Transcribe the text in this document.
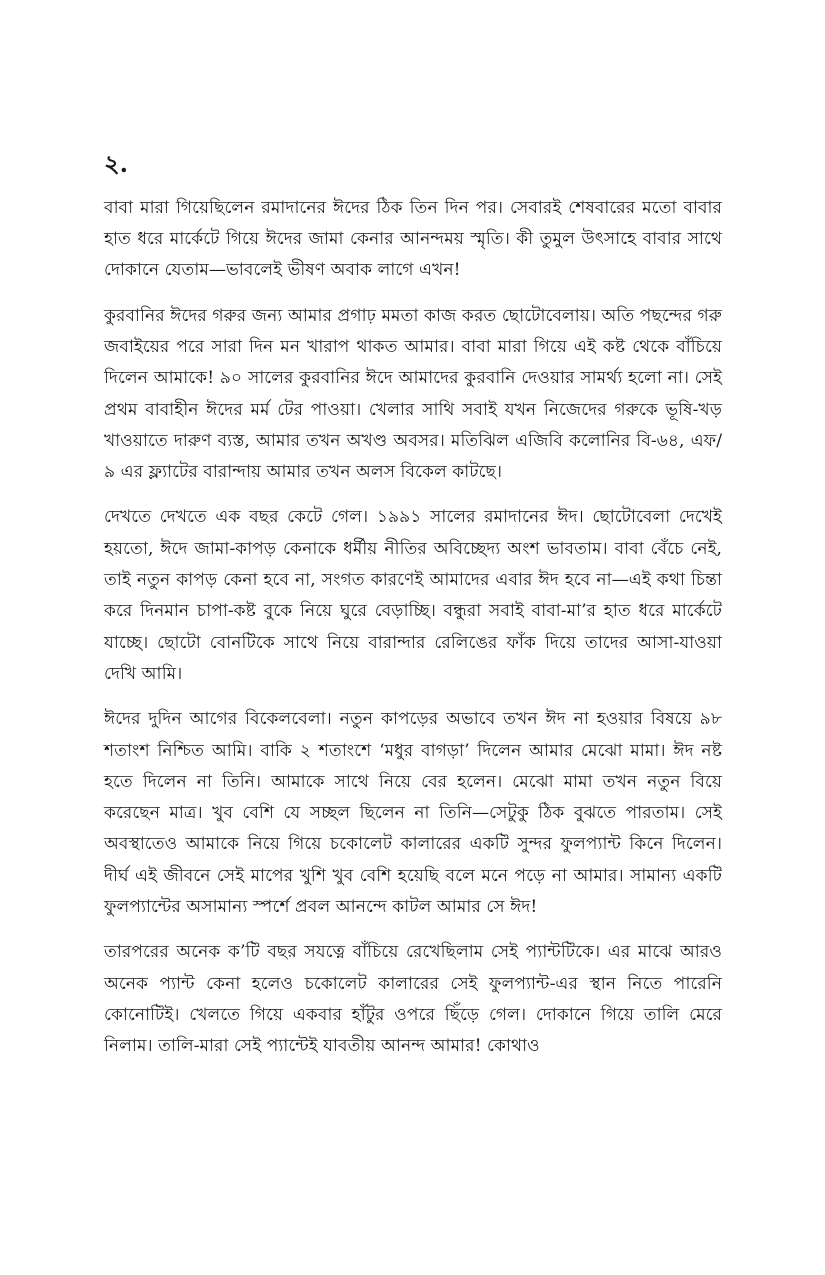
২.

বাবা মারা গিয়েছিলেন রমাদানের ঈদের ঠিক তিন দিন পর। সেবারই শেষবারের মতো বাবার হাত ধরে মার্কেটে গিয়ে ঈদের জামা কেনার আনন্দময় স্মৃতি। কী তুমুল উৎসাহে বাবার সাথে দোকানে যেতাম—ভাবলেই ভীষণ অবাক লাগে এখন!

কুরবানির ঈদের গরুর জন্য আমার প্রগাঢ় মমতা কাজ করত ছোটোবেলায়। অতি পছন্দের গরু জবাইয়ের পরে সারা দিন মন খারাপ থাকত আমার। বাবা মারা গিয়ে এই কষ্ট থেকে বাঁচিয়ে দিলেন আমাকে! ৯০ সালের কুরবানির ঈদে আমাদের কুরবানি দেওয়ার সামর্থ্য হলো না। সেই প্রথম বাবাহীন ঈদের মর্ম টের পাওয়া। খেলার সাথি সবাই যখন নিজেদের গরুকে ভূষি-খড় খাওয়াতে দারুণ ব্যস্ত, আমার তখন অখণ্ড অবসর। মতিঝিল এজিবি কলোনির বি-৬৪, এফ/৯ এর ফ্ল্যাটের বারান্দায় আমার তখন অলস বিকেল কাটছে।

দেখতে দেখতে এক বছর কেটে গেল। ১৯৯১ সালের রমাদানের ঈদ। ছোটোবেলা দেখেই হয়তো, ঈদে জামা-কাপড় কেনাকে ধর্মীয় নীতির অবিচ্ছেদ্য অংশ ভাবতাম। বাবা বেঁচে নেই, তাই নতুন কাপড় কেনা হবে না, সংগত কারণেই আমাদের এবার ঈদ হবে না—এই কথা চিন্তা করে দিনমান চাপা-কষ্ট বুকে নিয়ে ঘুরে বেড়াচ্ছি। বন্ধুরা সবাই বাবা-মা’র হাত ধরে মার্কেটে যাচ্ছে। ছোটো বোনটিকে সাথে নিয়ে বারান্দার রেলিঙের ফাঁক দিয়ে তাদের আসা-যাওয়া দেখি আমি।

ঈদের দুদিন আগের বিকেলবেলা। নতুন কাপড়ের অভাবে তখন ঈদ না হওয়ার বিষয়ে ৯৮ শতাংশ নিশ্চিত আমি। বাকি ২ শতাংশে ‘মধুর বাগড়া’ দিলেন আমার মেঝো মামা। ঈদ নষ্ট হতে দিলেন না তিনি। আমাকে সাথে নিয়ে বের হলেন। মেঝো মামা তখন নতুন বিয়ে করেছেন মাত্র। খুব বেশি যে সচ্ছল ছিলেন না তিনি—সেটুকু ঠিক বুঝতে পারতাম। সেই অবস্থাতেও আমাকে নিয়ে গিয়ে চকোলেট কালারের একটি সুন্দর ফুলপ্যান্ট কিনে দিলেন। দীর্ঘ এই জীবনে সেই মাপের খুশি খুব বেশি হয়েছি বলে মনে পড়ে না আমার। সামান্য একটি ফুলপ্যান্টের অসামান্য স্পর্শে প্রবল আনন্দে কাটল আমার সে ঈদ!

তারপরের অনেক ক’টি বছর সযত্নে বাঁচিয়ে রেখেছিলাম সেই প্যান্টটিকে। এর মাঝে আরও অনেক প্যান্ট কেনা হলেও চকোলেট কালারের সেই ফুলপ্যান্ট-এর স্থান নিতে পারেনি কোনোটিই। খেলতে গিয়ে একবার হাঁটুর ওপরে ছিঁড়ে গেল। দোকানে গিয়ে তালি মেরে নিলাম। তালি-মারা সেই প্যান্টেই যাবতীয় আনন্দ আমার! কোথাও
